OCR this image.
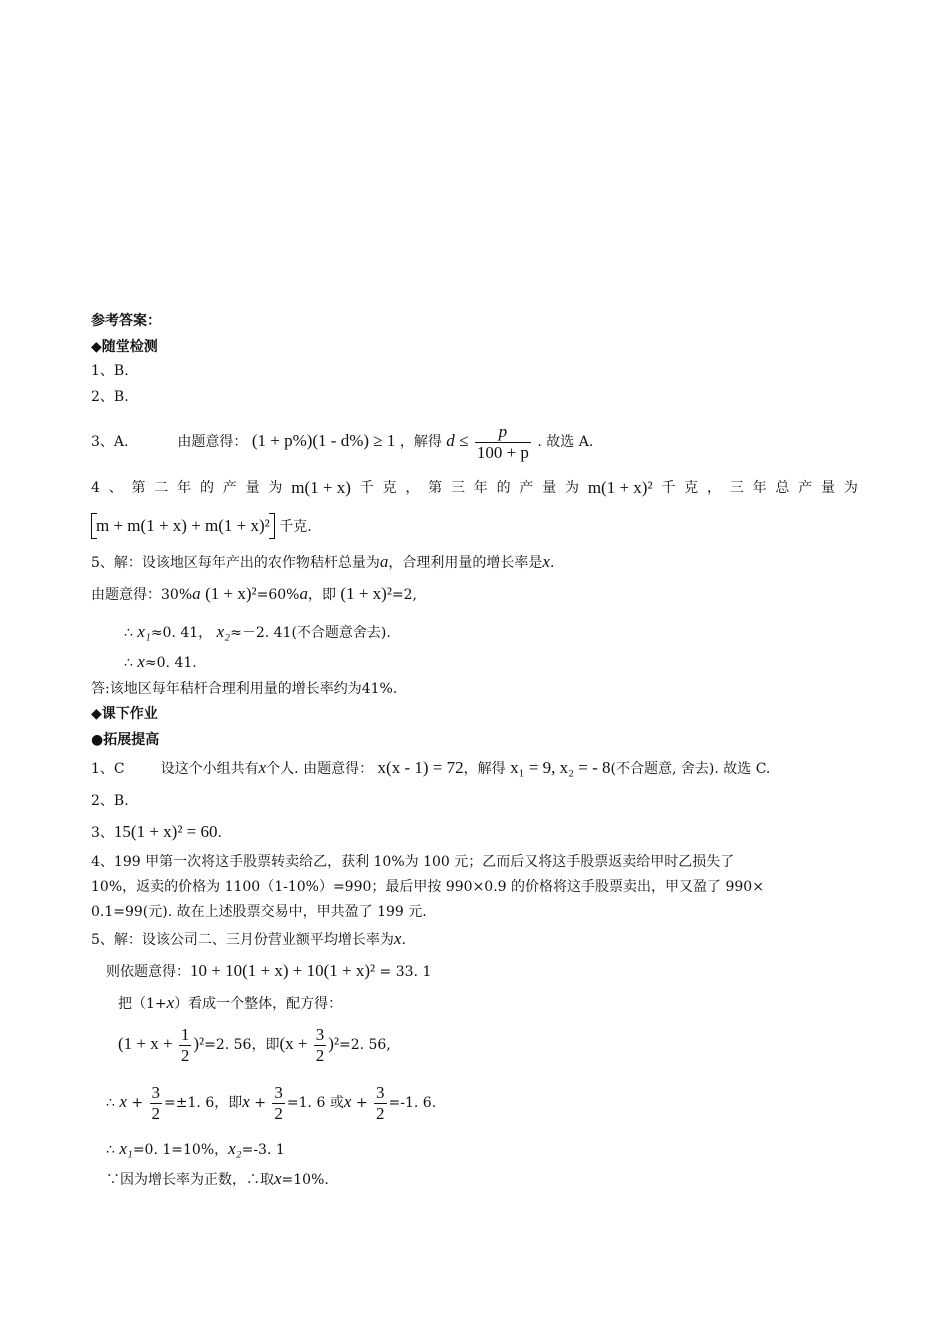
参考答案：
◆随堂检测
1、B.
2、B.
3、A.	由题意得： (1 + p%)(1 - d%) ≥ 1 ，解得 $d \le \frac{p}{100 + p}$ . 故选 A.
4 、 第 二 年 的 产 量 为 m(1 + x) 千 克 ， 第 三 年 的 产 量 为 m(1 + x)² 千 克 ， 三 年 总 产 量 为
m + m(1 + x) + m(1 + x)² 千克.
5、解：设该地区每年产出的农作物秸杆总量为a，合理利用量的增长率是x.
由题意得：30%a (1 + x)²=60%a，即 (1 + x)²=2,
∴ x₁≈0. 41， x₂≈－2. 41(不合题意舍去).
∴ x≈0. 41.
答:该地区每年秸杆合理利用量的增长率约为41%.
◆课下作业
●拓展提高
1、C	设这个小组共有x个人. 由题意得： x(x - 1) = 72，解得 x₁ = 9, x₂ = - 8(不合题意, 舍去). 故选 C.
2、B.
3、15(1 + x)² = 60.
4、199 甲第一次将这手股票转卖给乙，获利 10%为 100 元；乙而后又将这手股票返卖给甲时乙损失了
10%，返卖的价格为 1100（1-10%）=990；最后甲按 990×0.9 的价格将这手股票卖出，甲又盈了 990×
0.1=99(元). 故在上述股票交易中，甲共盈了 199 元.
5、解：设该公司二、三月份营业额平均增长率为x.
则依题意得：10 + 10(1 + x) + 10(1 + x)² = 33. 1
把（1+x）看成一个整体，配方得：
$(1 + x + \frac{1}{2} )^2=2$. 56，即$(x + \frac{3}{2} )^2=2$. 56,
∴ $x + \frac{3}{2} =\pm 1$. 6，即$x + \frac{3}{2} =1$. 6 或$x + \frac{3}{2} =-1$. 6.
∴ x₁=0. 1=10%，x₂=-3. 1
∵因为增长率为正数，∴取x=10%.
